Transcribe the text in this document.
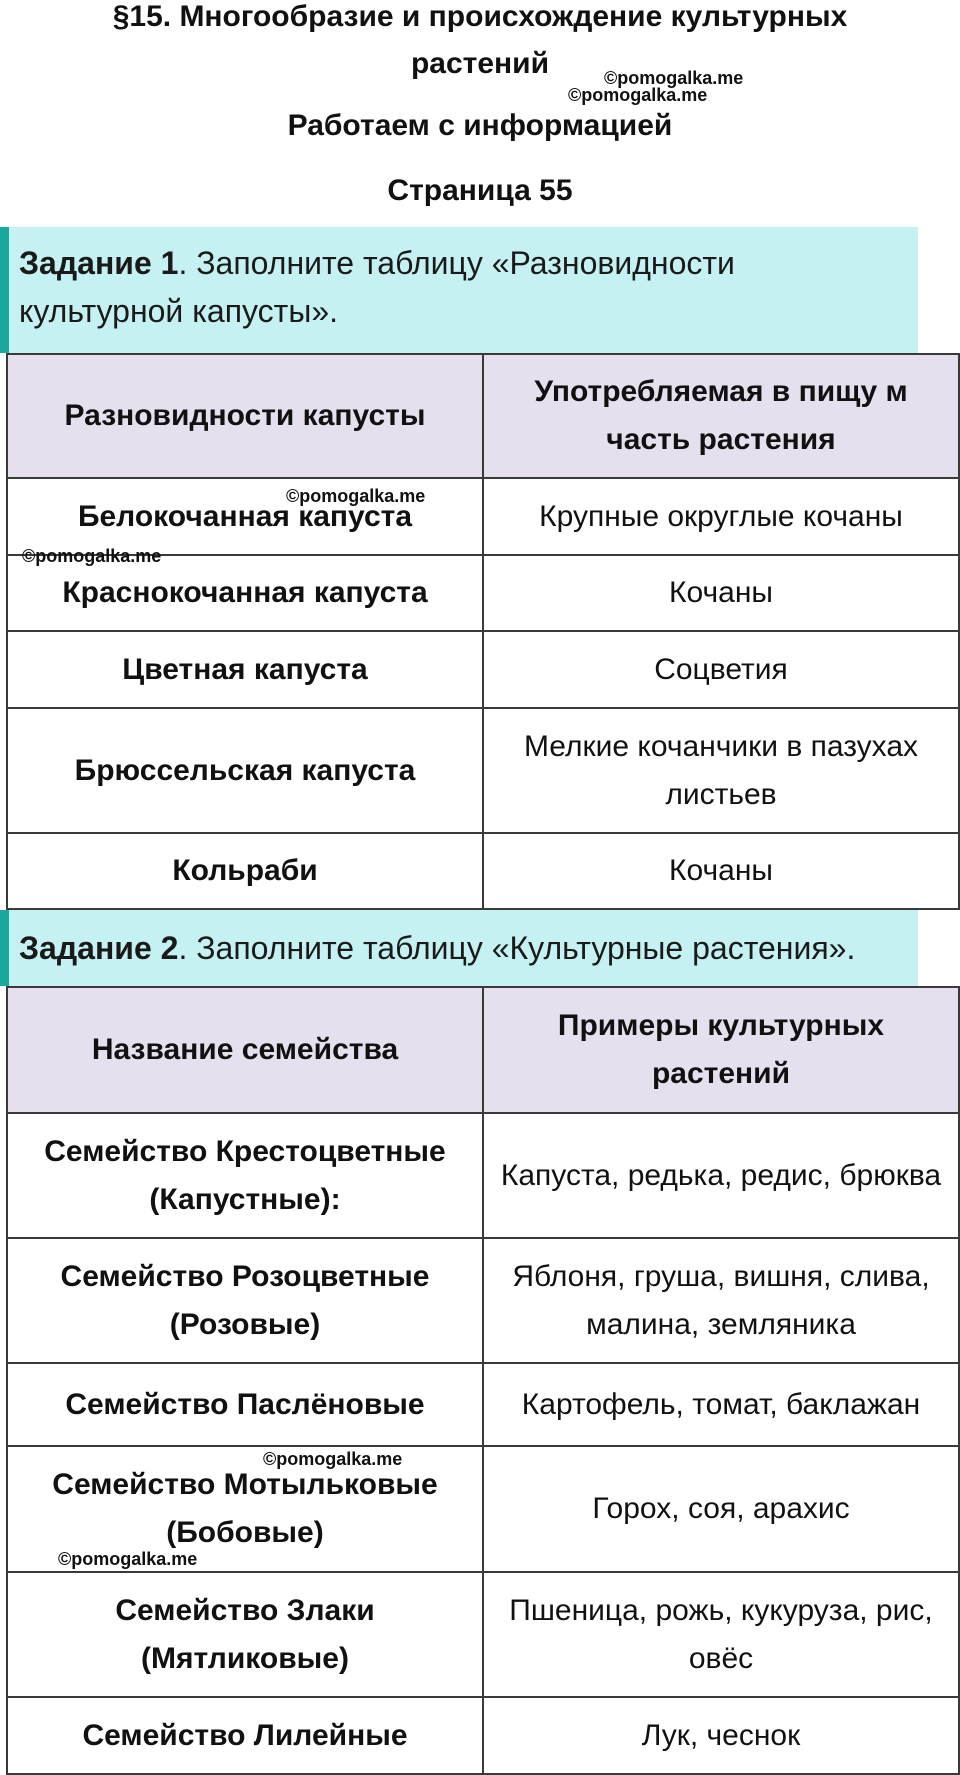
§15. Многообразие и происхождение культурных
растений
Работаем с информацией
Страница 55
©pomogalka.me
©pomogalka.me
Задание 1. Заполните таблицу «Разновидности культурной капусты».
Разновидности капусты	Употребляемая в пищу м часть растения
Белокочанная капуста	Крупные округлые кочаны
Краснокочанная капуста	Кочаны
Цветная капуста	Соцветия
Брюссельская капуста	Мелкие кочанчики в пазухах листьев
Кольраби	Кочаны
©pomogalka.me
©pomogalka.me
Задание 2. Заполните таблицу «Культурные растения».
Название семейства	Примеры культурных растений
Семейство Крестоцветные (Капустные):	Капуста, редька, редис, брюква
Семейство Розоцветные (Розовые)	Яблоня, груша, вишня, слива, малина, земляника
Семейство Паслёновые	Картофель, томат, баклажан
Семейство Мотыльковые (Бобовые)	Горох, соя, арахис
Семейство Злаки (Мятликовые)	Пшеница, рожь, кукуруза, рис, овёс
Семейство Лилейные	Лук, чеснок
©pomogalka.me
©pomogalka.me
